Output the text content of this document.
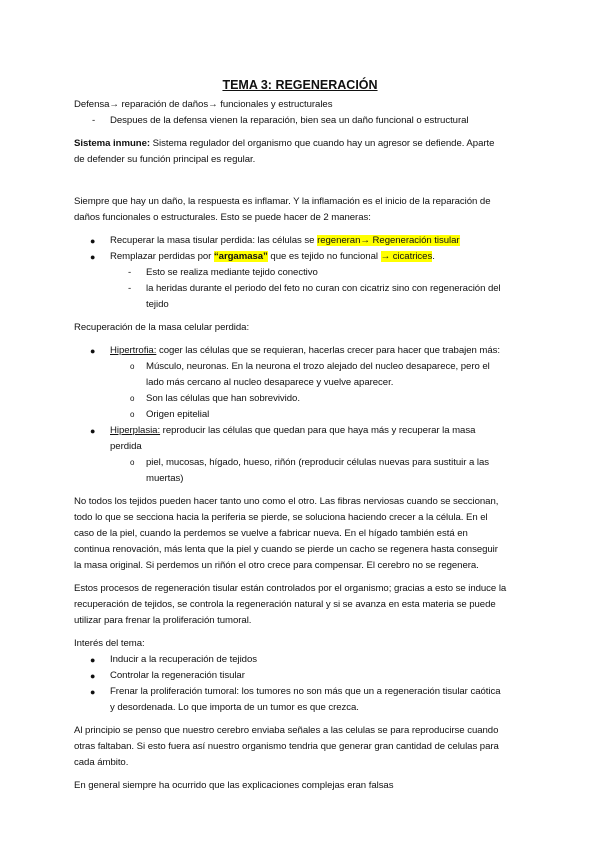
TEMA 3: REGENERACIÓN
Defensa→ reparación de daños→ funcionales y estructurales
- Despues de la defensa vienen la reparación, bien sea un daño funcional o estructural
Sistema inmune: Sistema regulador del organismo que cuando hay un agresor se defiende. Aparte
de defender su función principal es regular.
Siempre que hay un daño, la respuesta es inflamar. Y la inflamación es el inicio de la reparación de
daños funcionales o estructurales. Esto se puede hacer de 2 maneras:
● Recuperar la masa tisular perdida: las células se regeneran→ Regeneración tisular
● Remplazar perdidas por “argamasa” que es tejido no funcional → cicatrices.
- Esto se realiza mediante tejido conectivo
- la heridas durante el periodo del feto no curan con cicatriz sino con regeneración del
tejido
Recuperación de la masa celular perdida:
● Hipertrofia: coger las células que se requieran, hacerlas crecer para hacer que trabajen más:
o Músculo, neuronas. En la neurona el trozo alejado del nucleo desaparece, pero el
lado más cercano al nucleo desaparece y vuelve aparecer.
o Son las células que han sobrevivido.
o Origen epitelial
● Hiperplasia: reproducir las células que quedan para que haya más y recuperar la masa
perdida
o piel, mucosas, hígado, hueso, riñón (reproducir células nuevas para sustituir a las
muertas)
No todos los tejidos pueden hacer tanto uno como el otro. Las fibras nerviosas cuando se seccionan,
todo lo que se secciona hacia la periferia se pierde, se soluciona haciendo crecer a la célula. En el
caso de la piel, cuando la perdemos se vuelve a fabricar nueva. En el hígado también está en
continua renovación, más lenta que la piel y cuando se pierde un cacho se regenera hasta conseguir
la masa original. Si perdemos un riñón el otro crece para compensar. El cerebro no se regenera.
Estos procesos de regeneración tisular están controlados por el organismo; gracias a esto se induce la
recuperación de tejidos, se controla la regeneración natural y si se avanza en esta materia se puede
utilizar para frenar la proliferación tumoral.
Interés del tema:
● Inducir a la recuperación de tejidos
● Controlar la regeneración tisular
● Frenar la proliferación tumoral: los tumores no son más que un a regeneración tisular caótica
y desordenada. Lo que importa de un tumor es que crezca.
Al principio se penso que nuestro cerebro enviaba señales a las celulas se para reproducirse cuando
otras faltaban. Si esto fuera así nuestro organismo tendria que generar gran cantidad de celulas para
cada ámbito.
En general siempre ha ocurrido que las explicaciones complejas eran falsas
